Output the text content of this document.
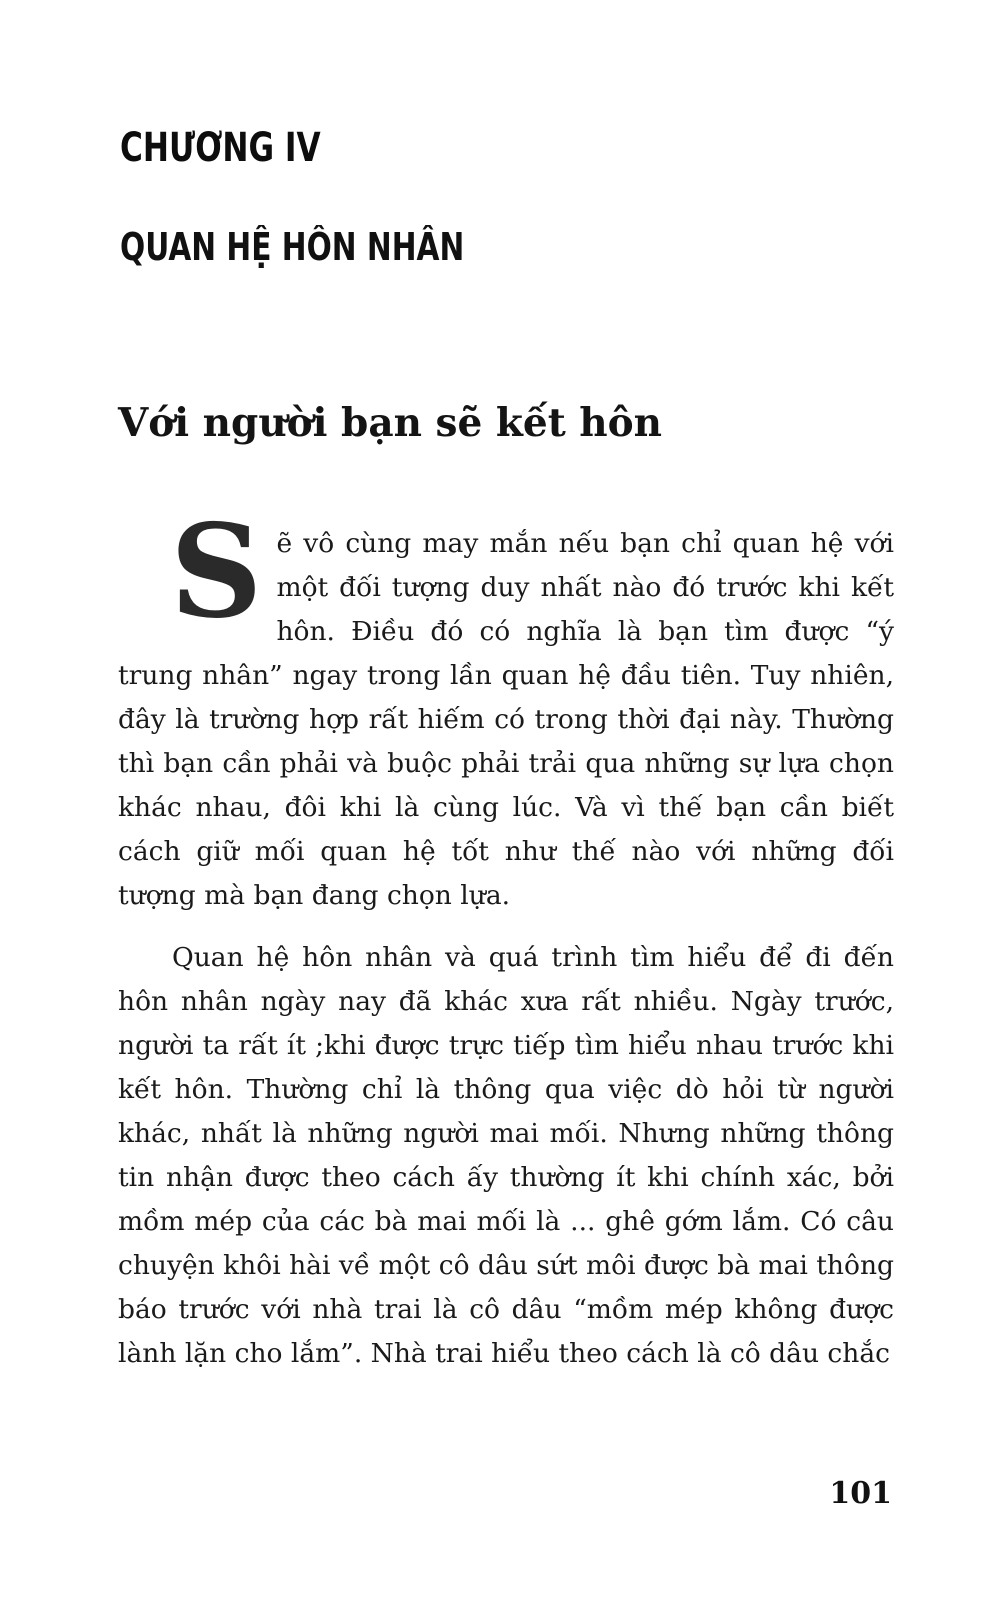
CHƯƠNG IV
QUAN HỆ HÔN NHÂN
Với người bạn sẽ kết hôn

Sẽ vô cùng may mắn nếu bạn chỉ quan hệ với một đối tượng duy nhất nào đó trước khi kết hôn. Điều đó có nghĩa là bạn tìm được “ý trung nhân” ngay trong lần quan hệ đầu tiên. Tuy nhiên, đây là trường hợp rất hiếm có trong thời đại này. Thường thì bạn cần phải và buộc phải trải qua những sự lựa chọn khác nhau, đôi khi là cùng lúc. Và vì thế bạn cần biết cách giữ mối quan hệ tốt như thế nào với những đối tượng mà bạn đang chọn lựa.

Quan hệ hôn nhân và quá trình tìm hiểu để đi đến hôn nhân ngày nay đã khác xưa rất nhiều. Ngày trước, người ta rất ít ;khi được trực tiếp tìm hiểu nhau trước khi kết hôn. Thường chỉ là thông qua việc dò hỏi từ người khác, nhất là những người mai mối. Nhưng những thông tin nhận được theo cách ấy thường ít khi chính xác, bởi mồm mép của các bà mai mối là ... ghê gớm lắm. Có câu chuyện khôi hài về một cô dâu sứt môi được bà mai thông báo trước với nhà trai là cô dâu “mồm mép không được lành lặn cho lắm”. Nhà trai hiểu theo cách là cô dâu chắc

101
